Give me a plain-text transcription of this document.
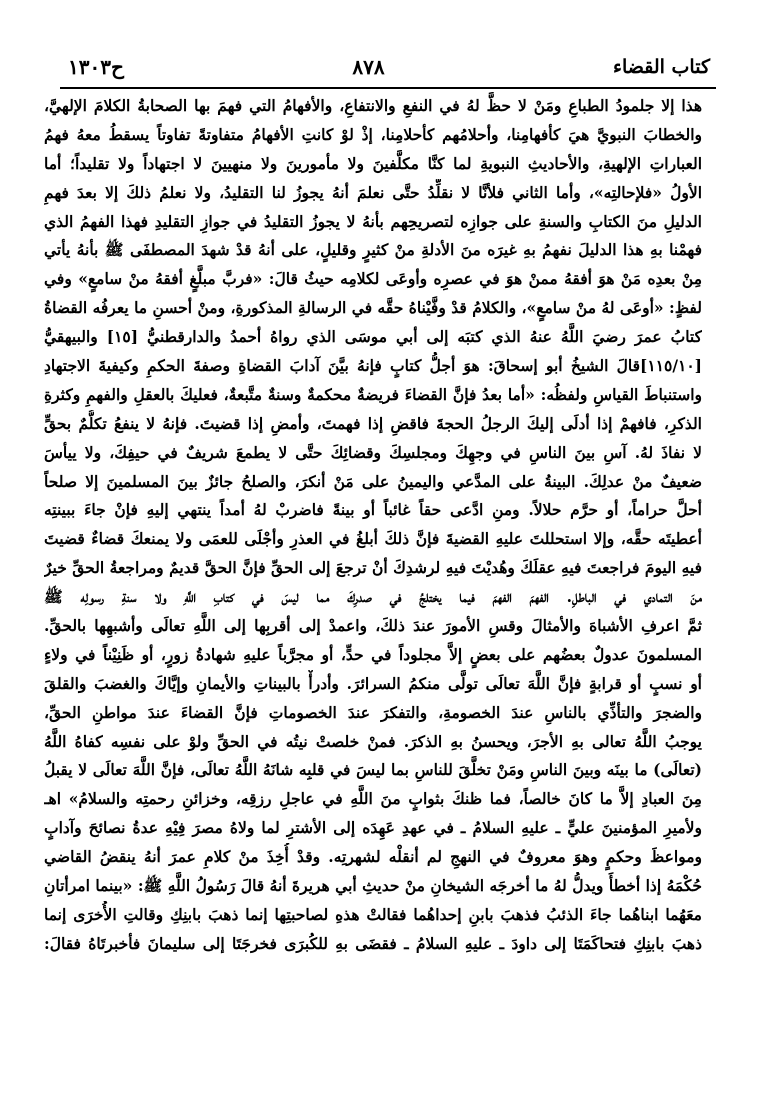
كتاب القضاء
٨٧٨
ح١٣٠٣
هذا إلا جلمودُ الطباعِ ومَنْ لا حظَّ لهُ في النفعِ والانتفاعِ، والأفهامُ التي فهمَ بها الصحابةُ الكلامَ الإلهيَّ،
والخطابَ النبويَّ هيَ كأفهامِنا، وأحلامُهم كأحلامِنا، إذْ لوْ كانتِ الأفهامُ متفاوتةً تفاوتاً يسقطُ معهُ فهمُ
العباراتِ الإلهيةِ، والأحاديثِ النبويةِ لما كنَّا مكلَّفينَ ولا مأمورينَ ولا منهيينَ لا اجتهاداً ولا تقليداً؛ أما
الأولُ «فلإحالتِه»، وأما الثاني فلأنَّا لا نقلِّدُ حتَّى نعلمَ أنهُ يجوزُ لنا التقليدُ، ولا نعلمُ ذلكَ إلا بعدَ فهمِ
الدليلِ منَ الكتابِ والسنةِ على جوازِه لتصريحِهم بأنهُ لا يجوزُ التقليدُ في جوازِ التقليدِ فهذا الفهمُ الذي
فهمْنا بهِ هذا الدليلَ نفهمُ بهِ غيرَه منَ الأدلةِ منْ كثيرٍ وقليلٍ، على أنهُ قدْ شهدَ المصطفَى ﷺ بأنهُ يأتي
مِنْ بعدِه مَنْ هوَ أفقهُ ممنْ هوَ في عصرِه وأوعَى لكلامِه حيثُ قالَ: «فربَّ مبلَّغٍ أفقهُ منْ سامعٍ» وفي
لفظٍ: «أوعَى لهُ منْ سامعٍ»، والكلامُ قدْ وفَّيْناهُ حقَّه في الرسالةِ المذكورةِ، ومنْ أحسنِ ما يعرفُه القضاةُ
كتابُ عمرَ رضيَ اللَّهُ عنهُ الذي كتبَه إلى أبي موسَى الذي رواهُ أحمدُ والدارقطنيُّ [١٥] والبيهقيُّ
[١١٥/١٠]قالَ الشيخُ أبو إسحاقَ: هوَ أجلُّ كتابٍ فإنهُ بيَّنَ آدابَ القضاةِ وصفةَ الحكمِ وكيفيةَ الاجتهادِ
واستنباطَ القياسِ ولفظُه: «أما بعدُ فإنَّ القضاءَ فريضةٌ محكمةٌ وسنةٌ متَّبعةٌ، فعليكَ بالعقلِ والفهمِ وكثرةِ
الذكرِ، فافهمْ إذا أدلَى إليكَ الرجلُ الحجةَ فاقضِ إذا فهمتَ، وأمضِ إذا قضيتَ. فإنهُ لا ينفعُ تكلُّمٌ بحقٍّ
لا نفاذَ لهُ. آسِ بينَ الناسِ في وجهِكَ ومجلسِكَ وقضائِكَ حتَّى لا يطمعَ شريفٌ في حيفِكَ، ولا ييأسَ
ضعيفٌ منْ عدلِكَ. البينةُ على المدَّعي واليمينُ على مَنْ أنكرَ، والصلحُ جائزٌ بينَ المسلمينَ إلا صلحاً
أحلَّ حراماً، أو حرَّم حلالاً. ومنِ ادَّعى حقاً غائباً أو بينةً فاضربْ لهُ أمداً ينتهي إليهِ فإنْ جاءَ ببينتِه
أعطيتَه حقَّه، وإلا استحللتَ عليهِ القضيةَ فإنَّ ذلكَ أبلغُ في العذرِ وأجْلَى للعمَى ولا يمنعكَ قضاءٌ قضيتَ
فيهِ اليومَ فراجعتَ فيهِ عقلَكَ وهُديْتَ فيهِ لرشدِكَ أنْ ترجعَ إلى الحقِّ فإنَّ الحقَّ قديمٌ ومراجعةُ الحقِّ خيرٌ
منَ التمادي في الباطلِ. الفهمَ الفهمَ فيما يختلجُ في صدرِكَ مما ليسَ في كتابِ اللَّهِ ولا سنةِ رسولِه ﷺ
ثمَّ اعرفِ الأشباهَ والأمثالَ وقسِ الأمورَ عندَ ذلكَ، واعمدْ إلى أقربِها إلى اللَّهِ تعالَى وأشبهِها بالحقِّ.
المسلمونَ عدولٌ بعضُهم على بعضٍ إلاَّ مجلوداً في حدٍّ، أو مجرَّباً عليهِ شهادةُ زورٍ، أو ظَنِيْناً في ولاءٍ
أو نسبٍ أو قرابةٍ فإنَّ اللَّهَ تعالَى تولَّى منكمُ السرائرَ. وأدرأْ بالبيناتِ والأيمانِ وإيَّاكَ والغضبَ والقلقَ
والضجرَ والتأذِّي بالناسِ عندَ الخصومةِ، والتفكرَ عندَ الخصوماتِ فإنَّ القضاءَ عندَ مواطنِ الحقِّ،
يوجبُ اللَّهُ تعالى بهِ الأجرَ، ويحسنُ بهِ الذكرَ. فمنْ خلصتْ نيتُه في الحقِّ ولوْ على نفسِه كفاهُ اللَّهُ
(تعالَى) ما بينَه وبينَ الناسِ ومَنْ تخلَّقَ للناسِ بما ليسَ في قلبِه شانَهُ اللَّهُ تعالَى، فإنَّ اللَّهَ تعالَى لا يقبلُ
مِنَ العبادِ إلاَّ ما كانَ خالصاً، فما ظنكَ بثوابٍ منَ اللَّهِ في عاجلِ رزقِه، وخزائنِ رحمتِه والسلامُ» اهـ
ولأميرِ المؤمنينَ عليٍّ ـ عليهِ السلامُ ـ في عهدِ عَهِدَه إلى الأشترِ لما ولاهُ مصرَ فِيْهِ عدةُ نصائحَ وآدابٍ
ومواعظَ وحكمٍ وهوَ معروفٌ في النهجِ لم أنقلْه لشهرتِه. وقدْ أُخِذَ منْ كلامِ عمرَ أنهُ ينقضُ القاضي
حُكْمَهُ إذا أخطأَ ويدلُّ لهُ ما أخرجَه الشيخانِ منْ حديثِ أبي هريرةَ أنهُ قالَ رَسُولُ اللَّهِ ﷺ: «بينما امرأتانِ
معَهُما ابناهُما جاءَ الذئبُ فذهبَ بابنِ إحداهُما فقالتْ هذهِ لصاحبتِها إنما ذهبَ بابنِكِ وقالتِ الأُخرَى إنما
ذهبَ بابنِكِ فتحاكَمَتَا إلى داودَ ـ عليهِ السلامُ ـ فقضَى بهِ للكُبرَى فخرجَتَا إلى سليمانَ فأخبرتَاهُ فقالَ:
